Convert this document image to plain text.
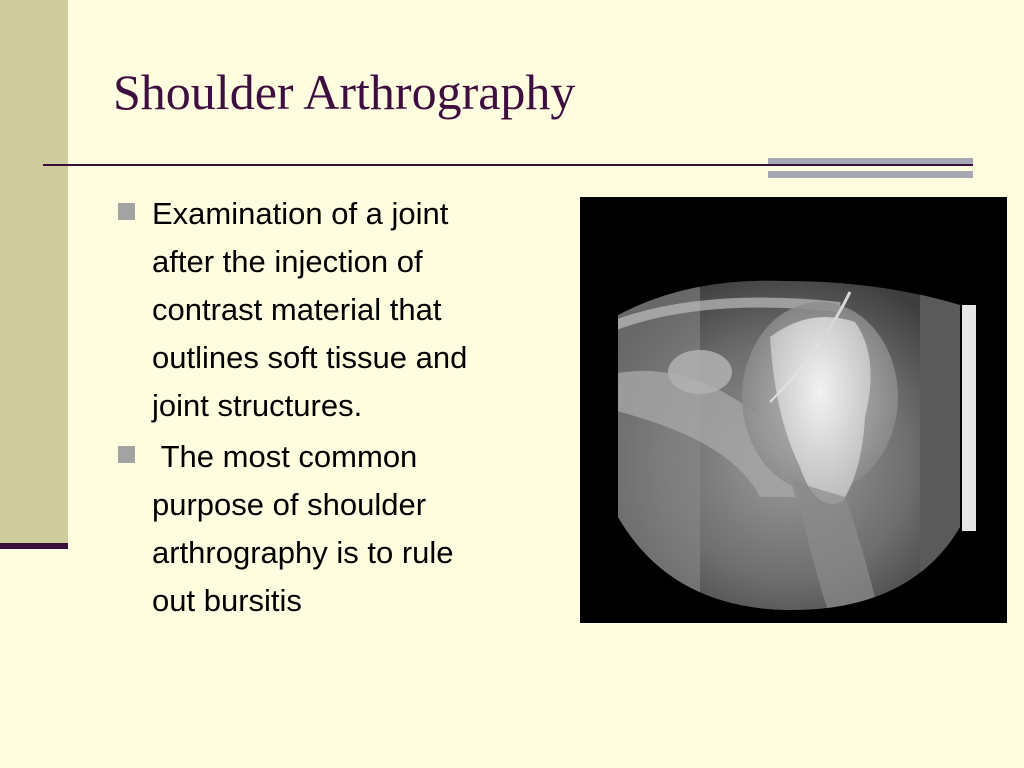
Shoulder Arthrography
Examination of a joint
after the injection of
contrast material that
outlines soft tissue and
joint structures.
The most common
purpose of shoulder
arthrography is to rule
out bursitis
